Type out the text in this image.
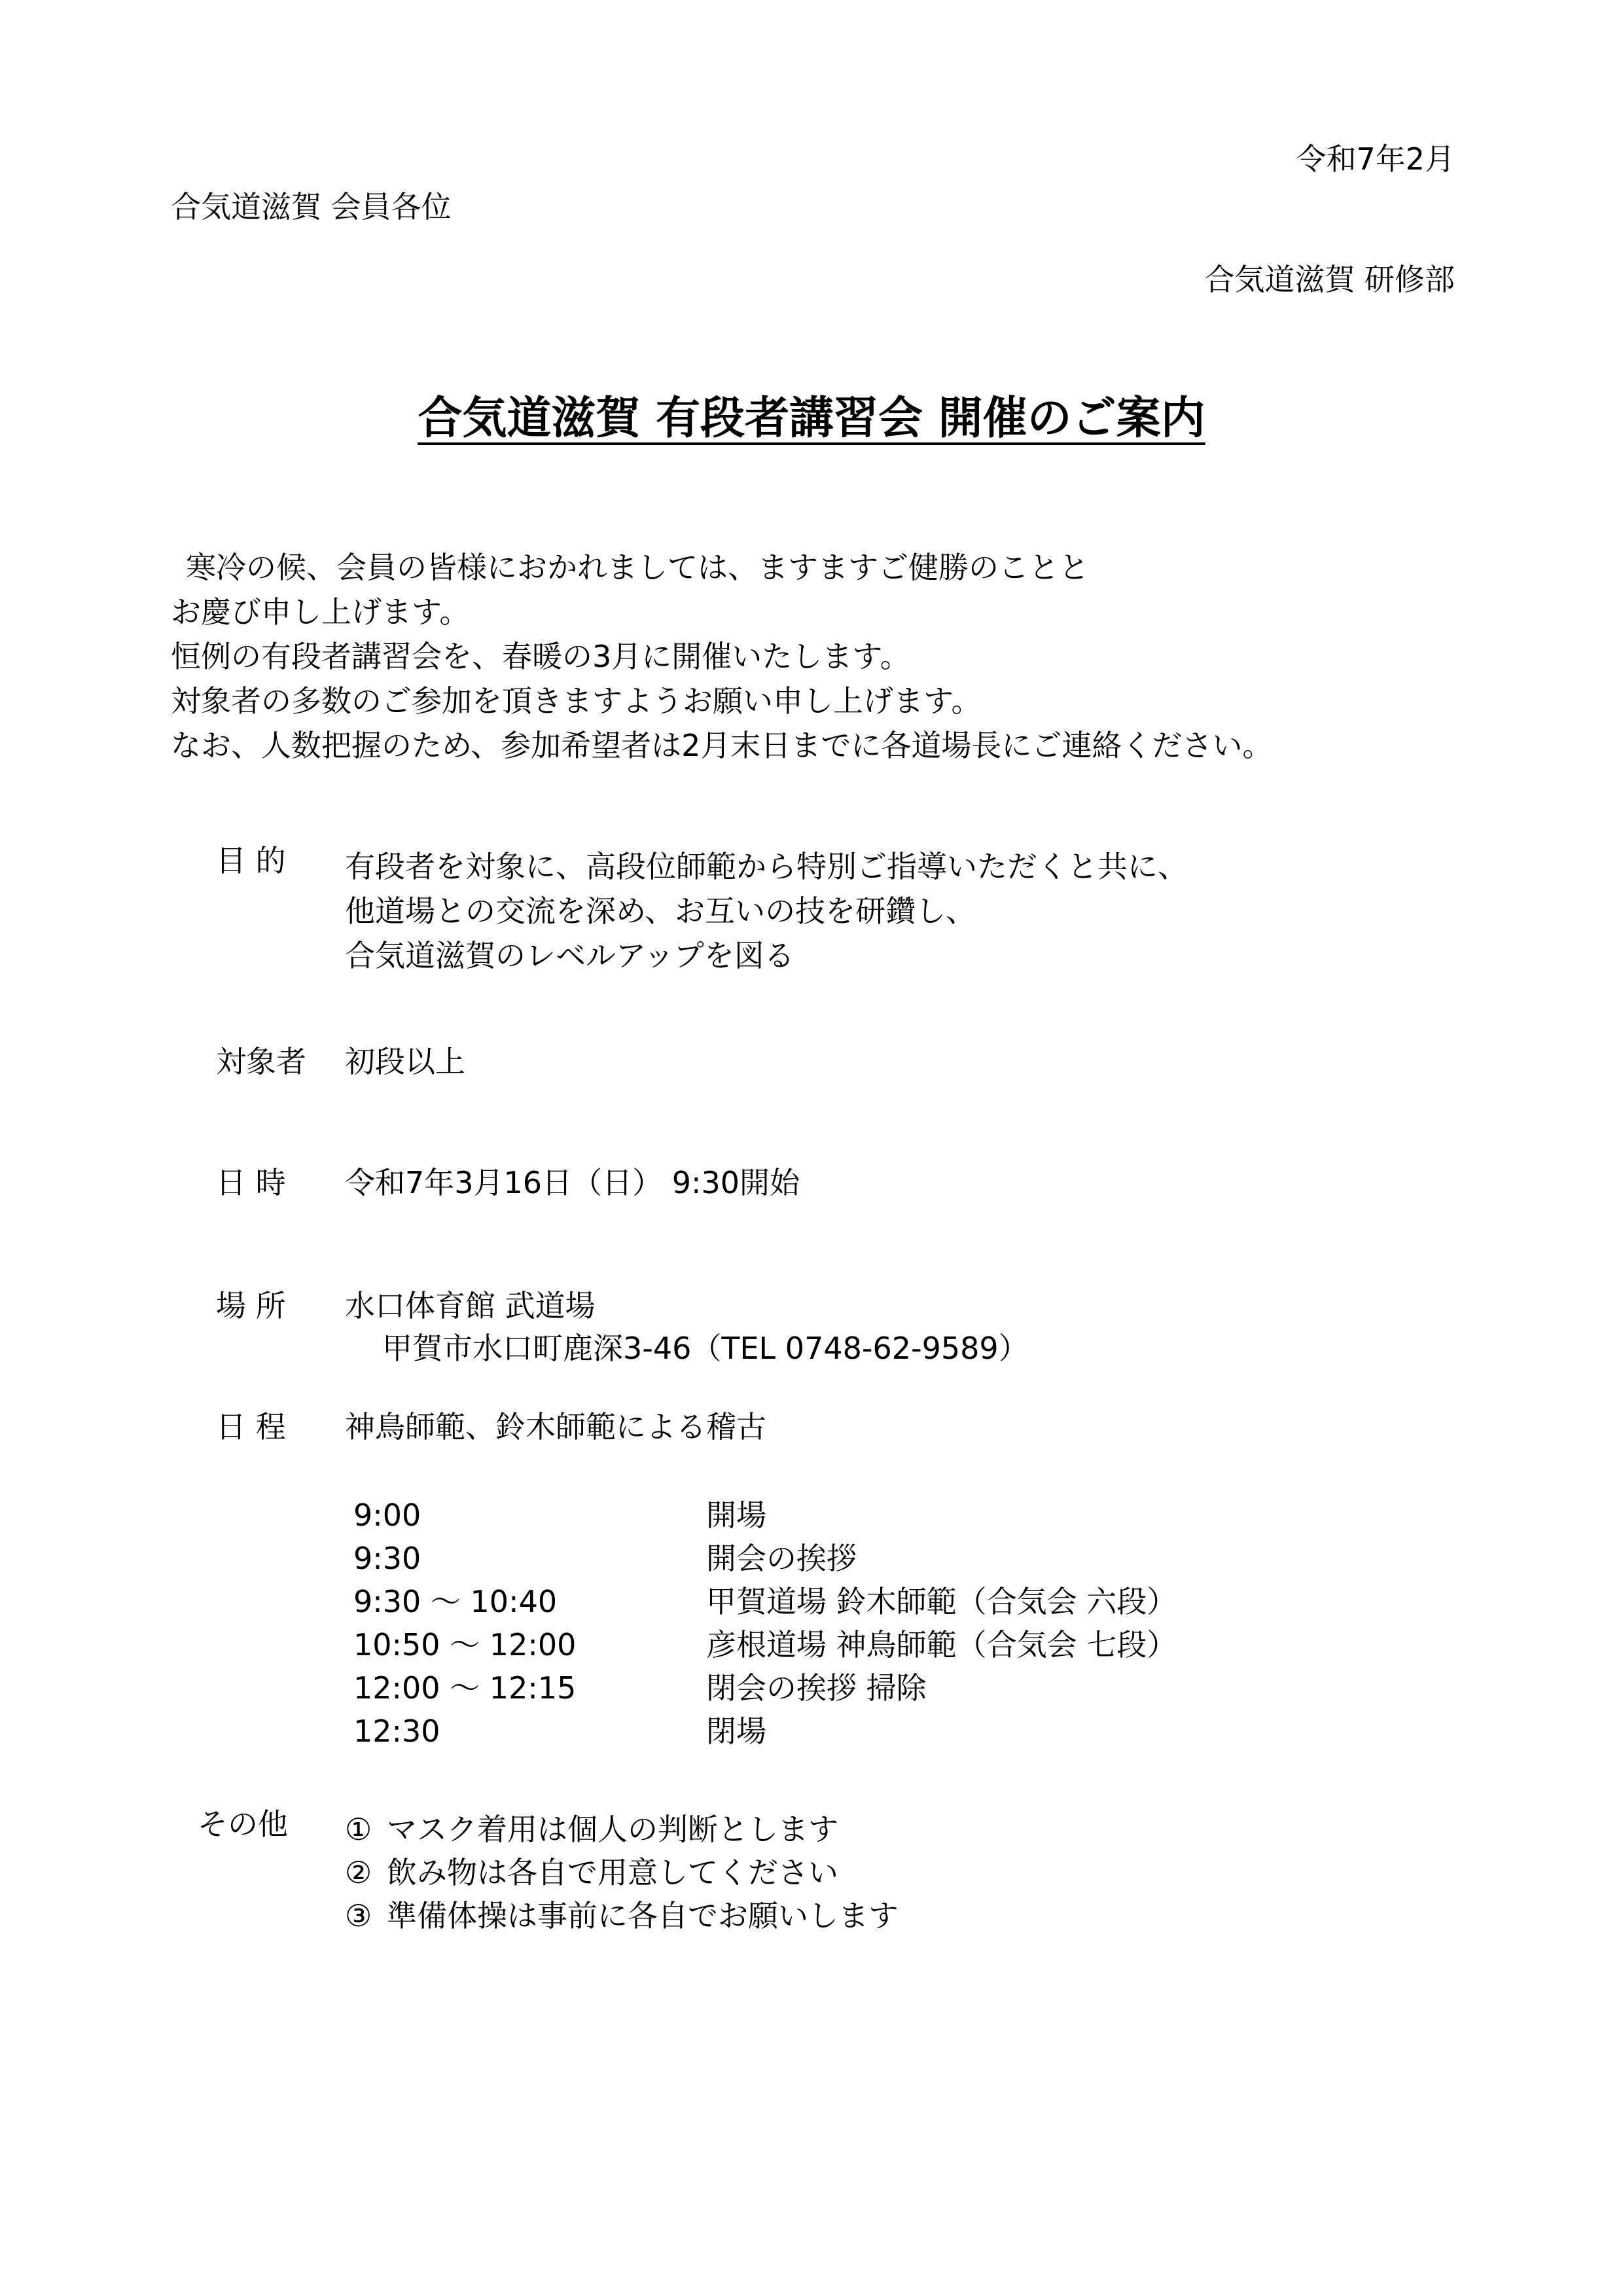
令和7年2月
合気道滋賀 会員各位
合気道滋賀 研修部
合気道滋賀 有段者講習会 開催のご案内
寒冷の候、会員の皆様におかれましては、ますますご健勝のことと
お慶び申し上げます。
恒例の有段者講習会を、春暖の3月に開催いたします。
対象者の多数のご参加を頂きますようお願い申し上げます。
なお、人数把握のため、参加希望者は2月末日までに各道場長にご連絡ください。
目 的 有段者を対象に、高段位師範から特別ご指導いただくと共に、
他道場との交流を深め、お互いの技を研鑽し、
合気道滋賀のレベルアップを図る
対象者 初段以上
日 時 令和7年3月16日（日） 9:30開始
場 所 水口体育館 武道場
甲賀市水口町鹿深3-46（TEL 0748-62-9589）
日 程 神鳥師範、鈴木師範による稽古
9:00	開場
9:30	開会の挨拶
9:30 ～ 10:40	甲賀道場 鈴木師範（合気会 六段）
10:50 ～ 12:00	彦根道場 神鳥師範（合気会 七段）
12:00 ～ 12:15	閉会の挨拶 掃除
12:30	閉場
その他 ① マスク着用は個人の判断とします
② 飲み物は各自で用意してください
③ 準備体操は事前に各自でお願いします
